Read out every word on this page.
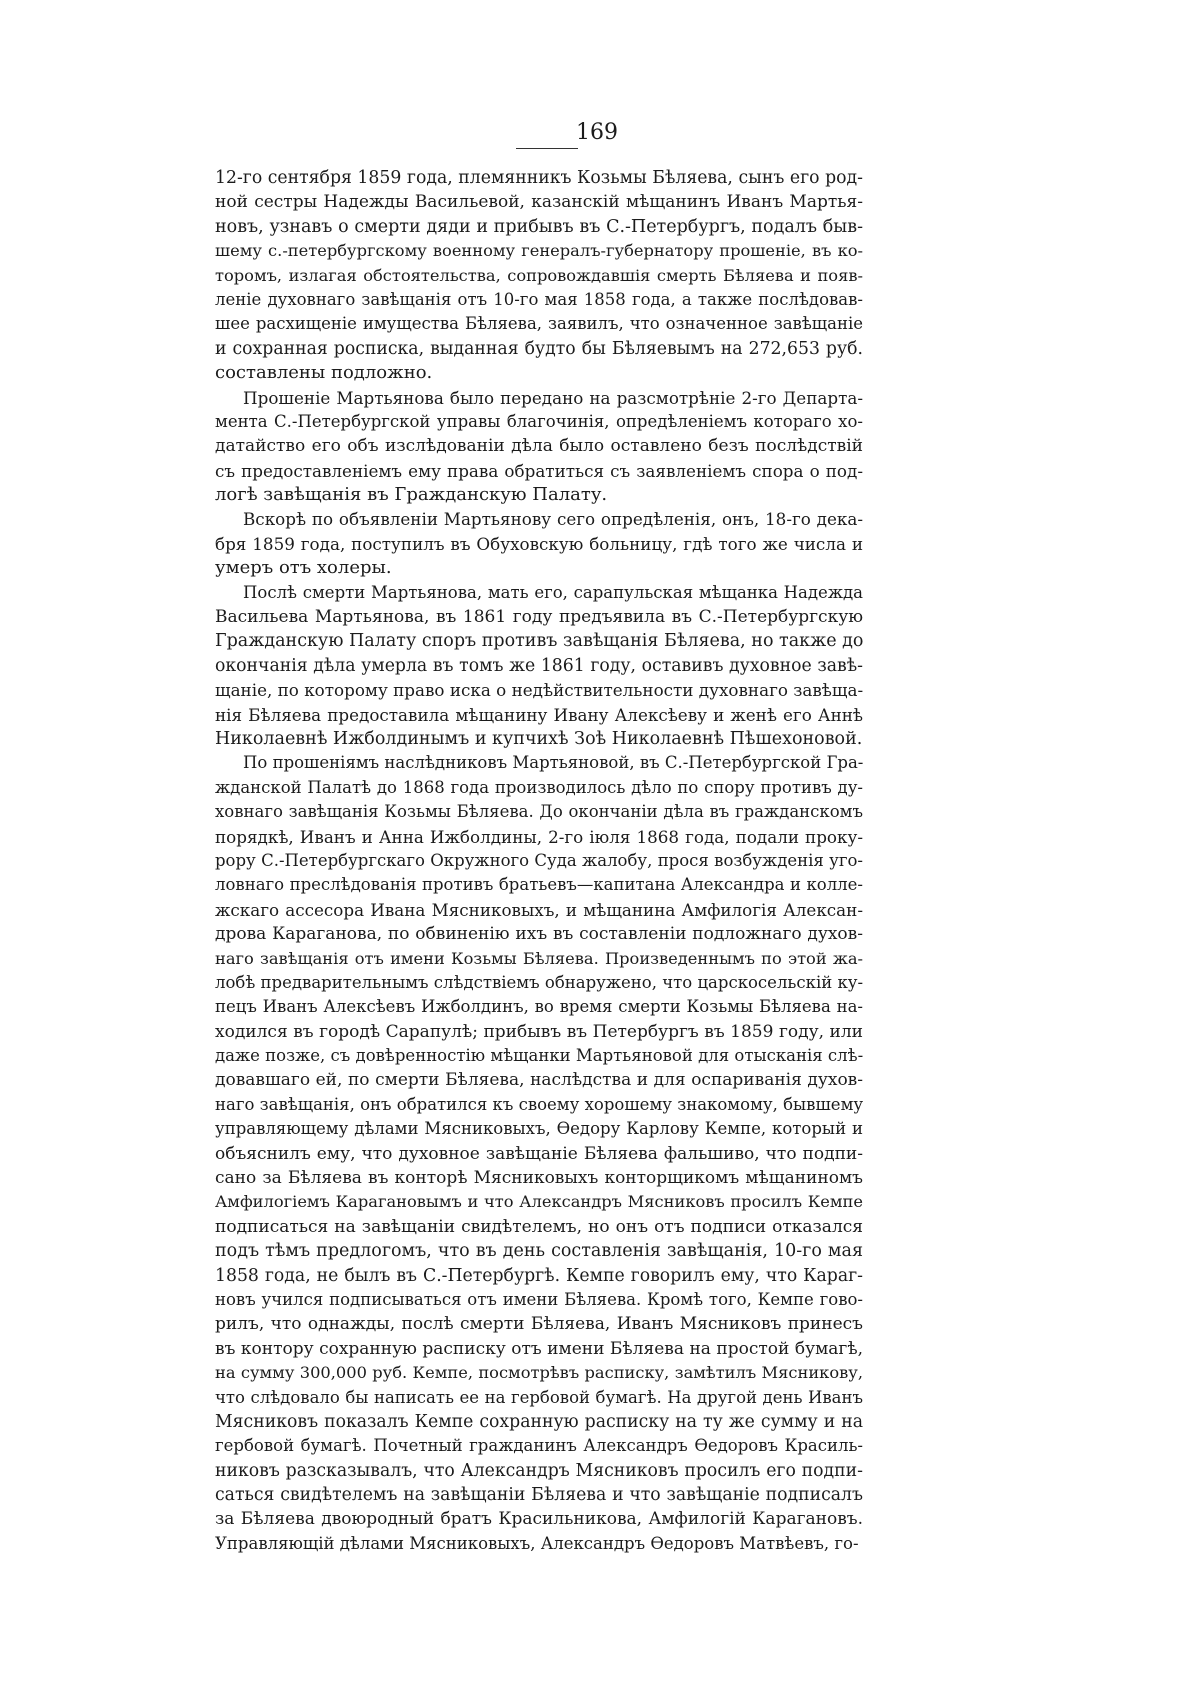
169
12-го сентября 1859 года, племянникъ Козьмы Бѣляева, сынъ его род-
ной сестры Надежды Васильевой, казанскій мѣщанинъ Иванъ Мартья-
новъ, узнавъ о смерти дяди и прибывъ въ С.-Петербургъ, подалъ быв-
шему с.-петербургскому военному генералъ-губернатору прошеніе, въ ко-
торомъ, излагая обстоятельства, сопровождавшія смерть Бѣляева и появ-
леніе духовнаго завѣщанія отъ 10-го мая 1858 года, а также послѣдовав-
шее расхищеніе имущества Бѣляева, заявилъ, что означенное завѣщаніе
и сохранная росписка, выданная будто бы Бѣляевымъ на 272,653 руб.
составлены подложно.
Прошеніе Мартьянова было передано на разсмотрѣніе 2-го Департа-
мента С.-Петербургской управы благочинія, опредѣленіемъ котораго хо-
датайство его объ изслѣдованіи дѣла было оставлено безъ послѣдствій
съ предоставленіемъ ему права обратиться съ заявленіемъ спора о под-
логѣ завѣщанія въ Гражданскую Палату.
Вскорѣ по объявленіи Мартьянову сего опредѣленія, онъ, 18-го дека-
бря 1859 года, поступилъ въ Обуховскую больницу, гдѣ того же числа и
умеръ отъ холеры.
Послѣ смерти Мартьянова, мать его, сарапульская мѣщанка Надежда
Васильева Мартьянова, въ 1861 году предъявила въ С.-Петербургскую
Гражданскую Палату споръ противъ завѣщанія Бѣляева, но также до
окончанія дѣла умерла въ томъ же 1861 году, оставивъ духовное завѣ-
щаніе, по которому право иска о недѣйствительности духовнаго завѣща-
нія Бѣляева предоставила мѣщанину Ивану Алексѣеву и женѣ его Аннѣ
Николаевнѣ Ижболдинымъ и купчихѣ Зоѣ Николаевнѣ Пѣшехоновой.
По прошеніямъ наслѣдниковъ Мартьяновой, въ С.-Петербургской Гра-
жданской Палатѣ до 1868 года производилось дѣло по спору противъ ду-
ховнаго завѣщанія Козьмы Бѣляева. До окончаніи дѣла въ гражданскомъ
порядкѣ, Иванъ и Анна Ижболдины, 2-го іюля 1868 года, подали проку-
рору С.-Петербургскаго Окружного Суда жалобу, прося возбужденія уго-
ловнаго преслѣдованія противъ братьевъ—капитана Александра и колле-
жскаго ассесора Ивана Мясниковыхъ, и мѣщанина Амфилогія Алексан-
дрова Караганова, по обвиненію ихъ въ составленіи подложнаго духов-
наго завѣщанія отъ имени Козьмы Бѣляева. Произведеннымъ по этой жа-
лобѣ предварительнымъ слѣдствіемъ обнаружено, что царскосельскій ку-
пецъ Иванъ Алексѣевъ Ижболдинъ, во время смерти Козьмы Бѣляева на-
ходился въ городѣ Сарапулѣ; прибывъ въ Петербургъ въ 1859 году, или
даже позже, съ довѣренностію мѣщанки Мартьяновой для отысканія слѣ-
довавшаго ей, по смерти Бѣляева, наслѣдства и для оспариванія духов-
наго завѣщанія, онъ обратился къ своему хорошему знакомому, бывшему
управляющему дѣлами Мясниковыхъ, Ѳедору Карлову Кемпе, который и
объяснилъ ему, что духовное завѣщаніе Бѣляева фальшиво, что подпи-
сано за Бѣляева въ конторѣ Мясниковыхъ конторщикомъ мѣщаниномъ
Амфилогіемъ Карагановымъ и что Александръ Мясниковъ просилъ Кемпе
подписаться на завѣщаніи свидѣтелемъ, но онъ отъ подписи отказался
подъ тѣмъ предлогомъ, что въ день составленія завѣщанія, 10-го мая
1858 года, не былъ въ С.-Петербургѣ. Кемпе говорилъ ему, что Караг-
новъ учился подписываться отъ имени Бѣляева. Кромѣ того, Кемпе гово-
рилъ, что однажды, послѣ смерти Бѣляева, Иванъ Мясниковъ принесъ
въ контору сохранную расписку отъ имени Бѣляева на простой бумагѣ,
на сумму 300,000 руб. Кемпе, посмотрѣвъ расписку, замѣтилъ Мясникову,
что слѣдовало бы написать ее на гербовой бумагѣ. На другой день Иванъ
Мясниковъ показалъ Кемпе сохранную расписку на ту же сумму и на
гербовой бумагѣ. Почетный гражданинъ Александръ Ѳедоровъ Красиль-
никовъ разсказывалъ, что Александръ Мясниковъ просилъ его подпи-
саться свидѣтелемъ на завѣщаніи Бѣляева и что завѣщаніе подписалъ
за Бѣляева двоюродный братъ Красильникова, Амфилогій Карагановъ.
Управляющій дѣлами Мясниковыхъ, Александръ Ѳедоровъ Матвѣевъ, го-
